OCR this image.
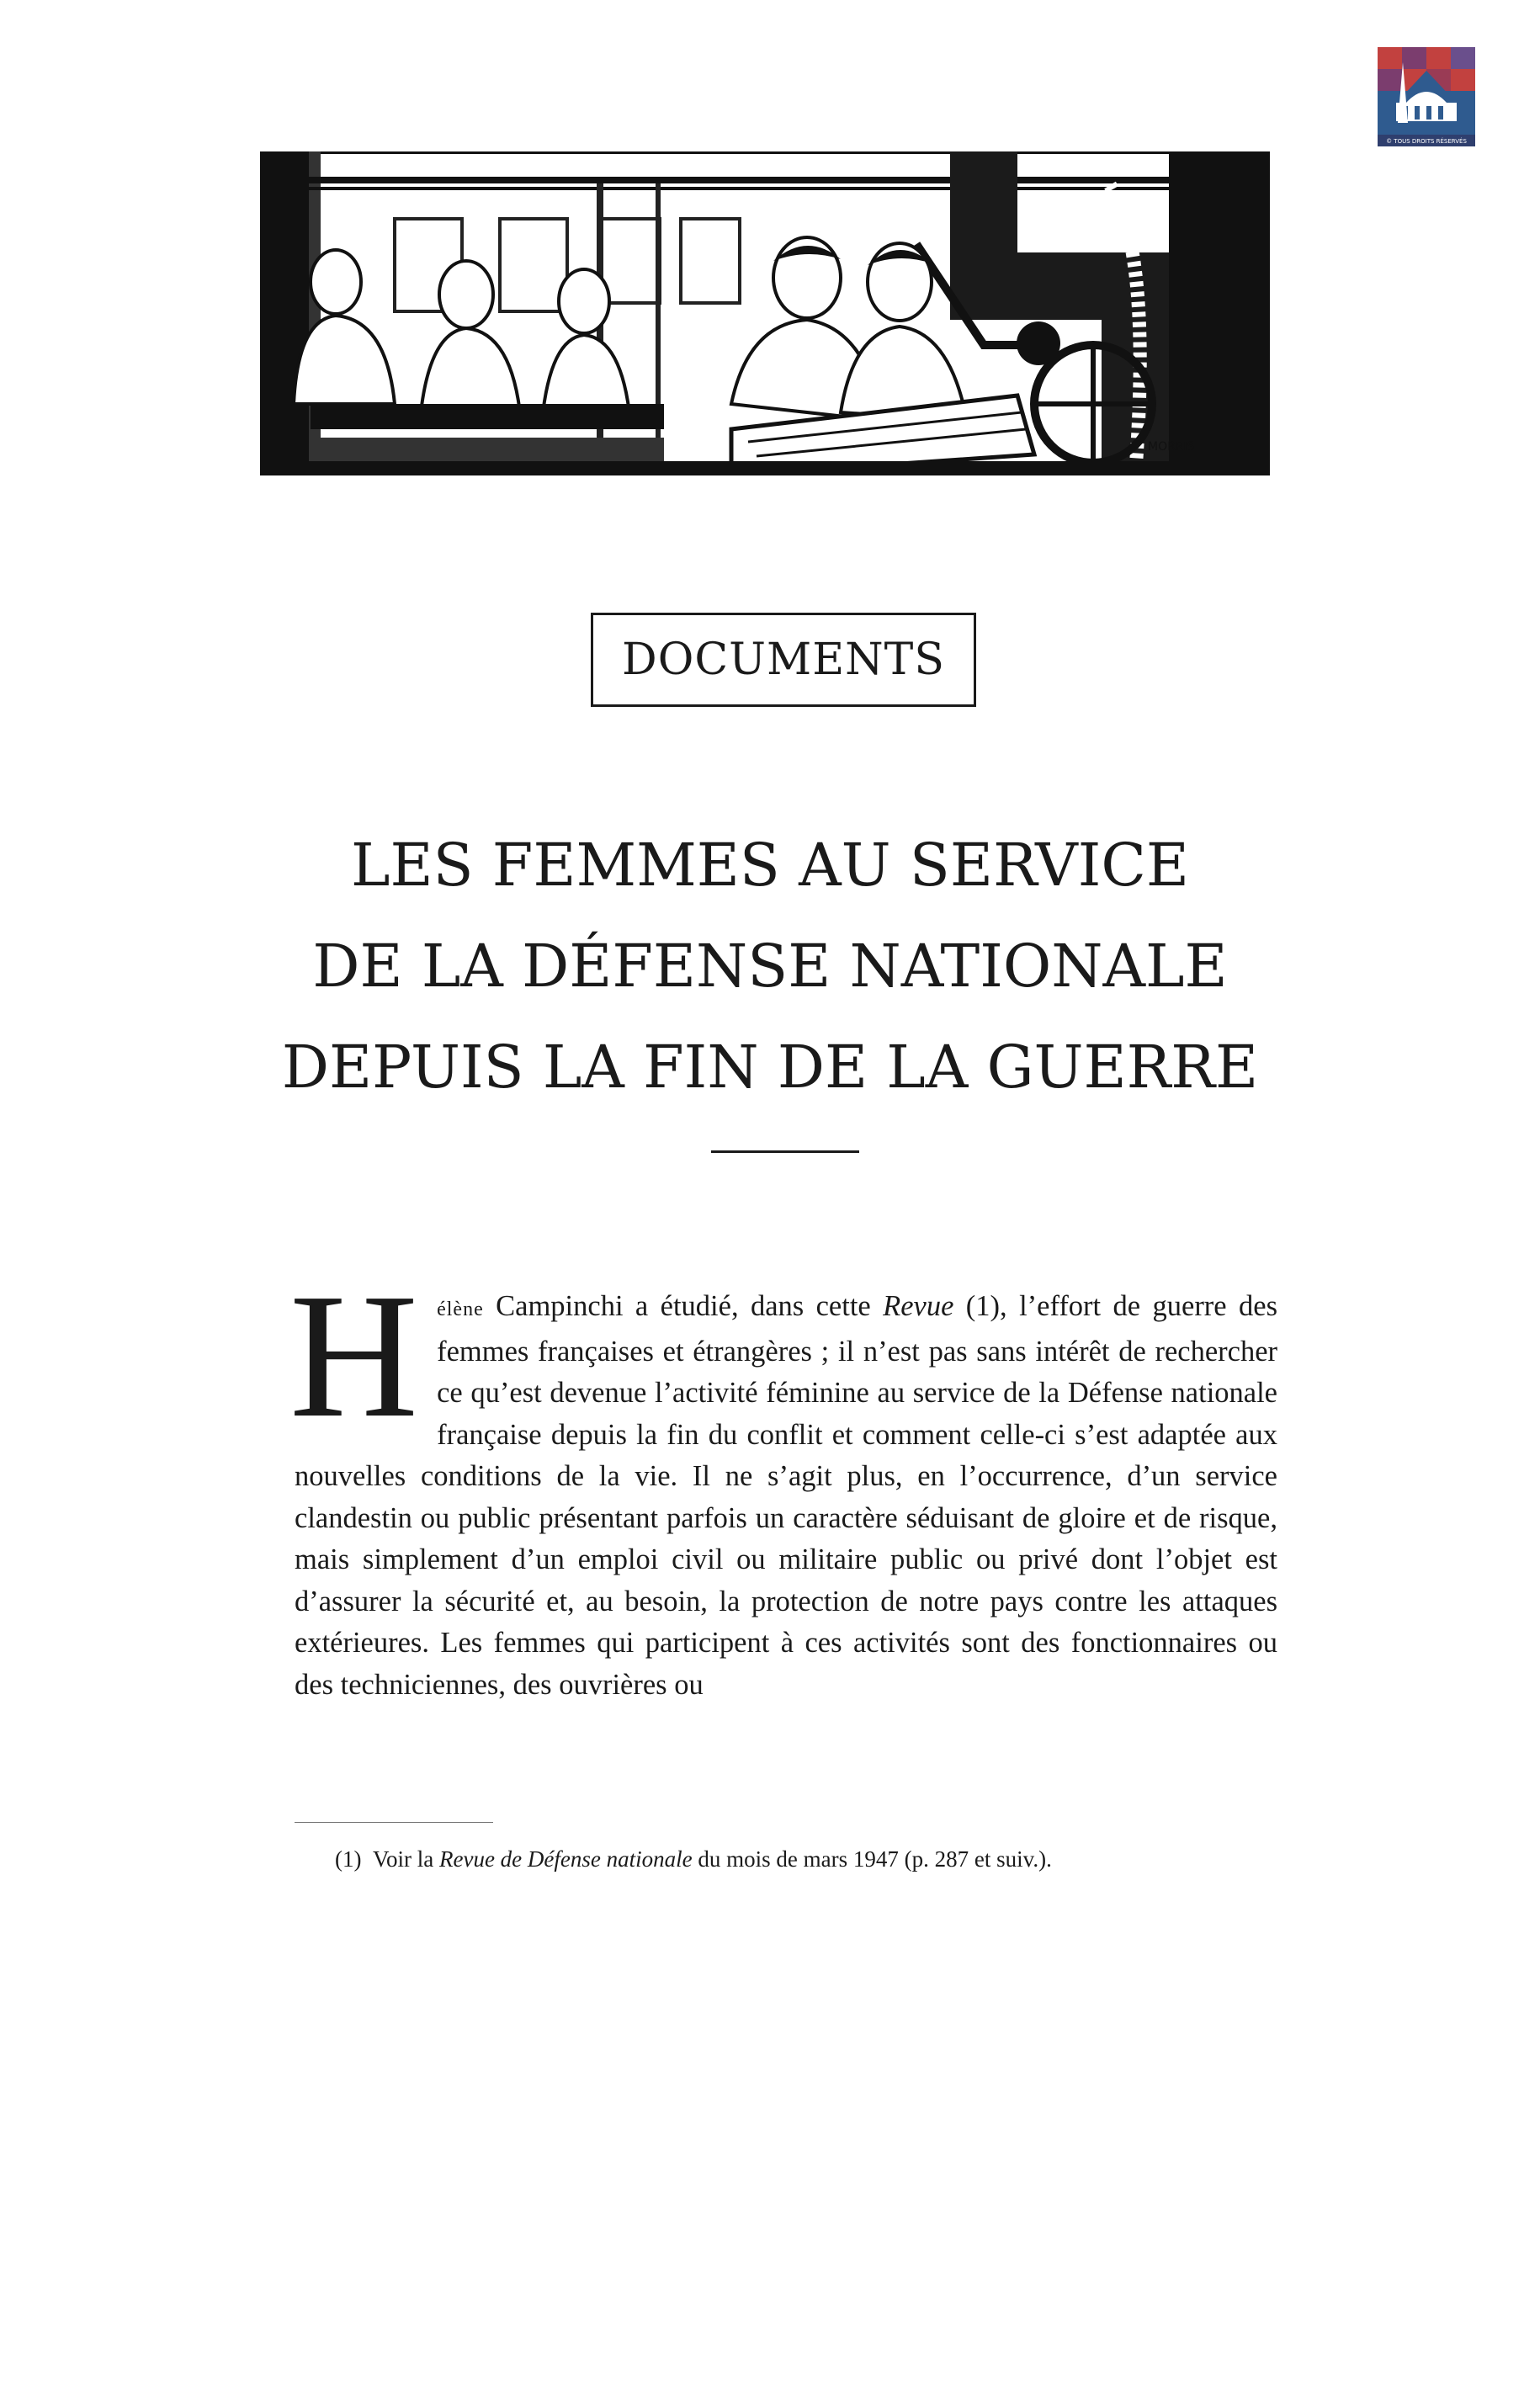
© TOUS DROITS RÉSERVÉS
MORRIS
DOCUMENTS
LES FEMMES AU SERVICE
DE LA DÉFENSE NATIONALE
DEPUIS LA FIN DE LA GUERRE

Hélène Campinchi a étudié, dans cette Revue (1), l’effort de guerre des femmes françaises et étrangères ; il n’est pas sans intérêt de rechercher ce qu’est devenue l’activité féminine au service de la Défense nationale française depuis la fin du conflit et comment celle-ci s’est adaptée aux nouvelles conditions de la vie. Il ne s’agit plus, en l’occurrence, d’un service clandestin ou public présentant parfois un caractère séduisant de gloire et de risque, mais simplement d’un emploi civil ou militaire public ou privé dont l’objet est d’assurer la sécurité et, au besoin, la protection de notre pays contre les attaques extérieures. Les femmes qui participent à ces activités sont des fonctionnaires ou des techniciennes, des ouvrières ou

(1) Voir la Revue de Défense nationale du mois de mars 1947 (p. 287 et suiv.).
